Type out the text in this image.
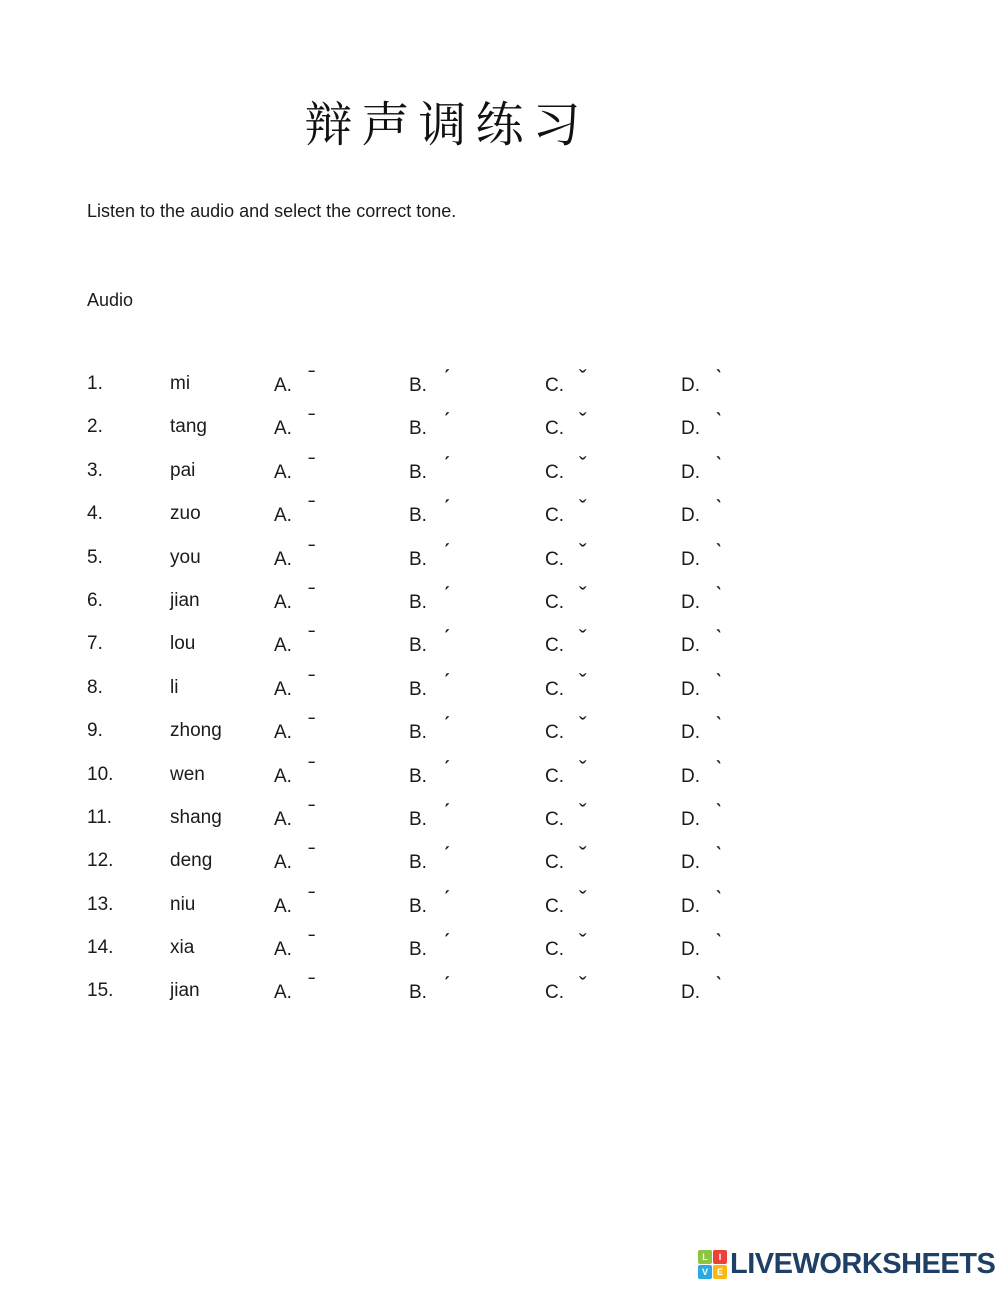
辩声调练习

Listen to the audio and select the correct tone.

Audio

1.	mi	A. ˉ	B. ˊ	C. ˇ	D. ˋ
2.	tang	A. ˉ	B. ˊ	C. ˇ	D. ˋ
3.	pai	A. ˉ	B. ˊ	C. ˇ	D. ˋ
4.	zuo	A. ˉ	B. ˊ	C. ˇ	D. ˋ
5.	you	A. ˉ	B. ˊ	C. ˇ	D. ˋ
6.	jian	A. ˉ	B. ˊ	C. ˇ	D. ˋ
7.	lou	A. ˉ	B. ˊ	C. ˇ	D. ˋ
8.	li	A. ˉ	B. ˊ	C. ˇ	D. ˋ
9.	zhong	A. ˉ	B. ˊ	C. ˇ	D. ˋ
10.	wen	A. ˉ	B. ˊ	C. ˇ	D. ˋ
11.	shang	A. ˉ	B. ˊ	C. ˇ	D. ˋ
12.	deng	A. ˉ	B. ˊ	C. ˇ	D. ˋ
13.	niu	A. ˉ	B. ˊ	C. ˇ	D. ˋ
14.	xia	A. ˉ	B. ˊ	C. ˇ	D. ˋ
15.	jian	A. ˉ	B. ˊ	C. ˇ	D. ˋ
L	I
V E LIVEWORKSHEETS
